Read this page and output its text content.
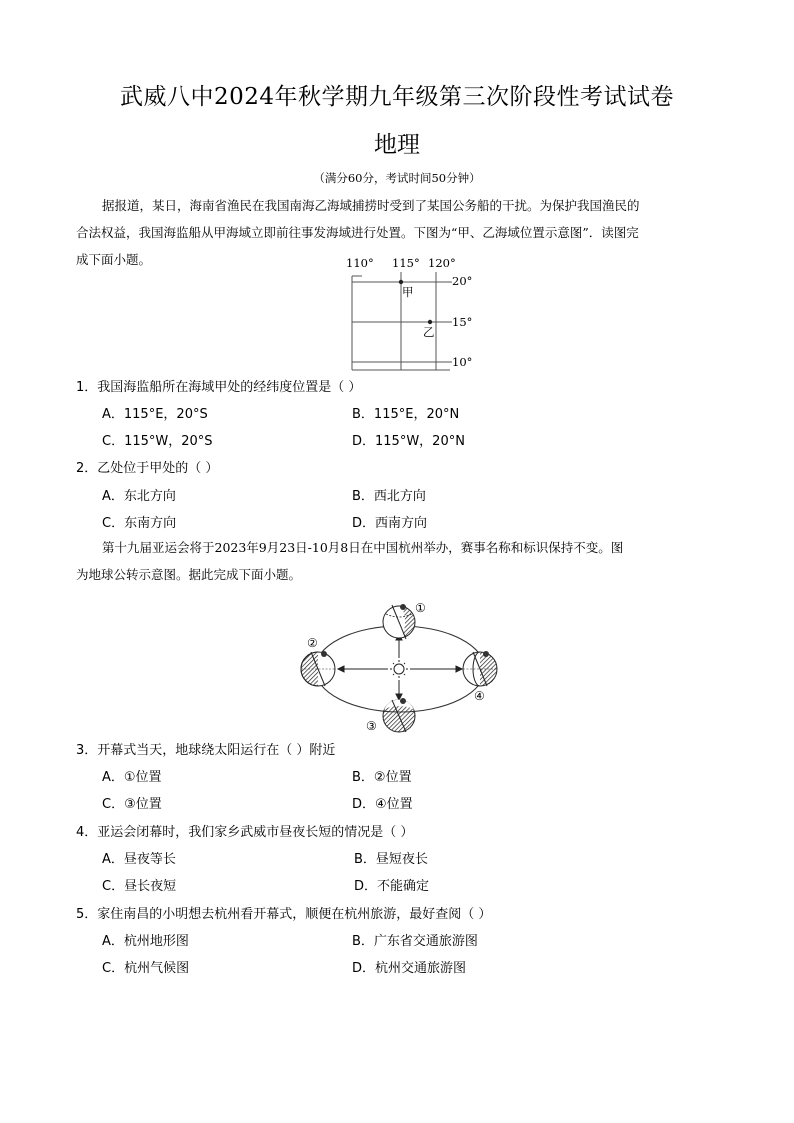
武威八中2024年秋学期九年级第三次阶段性考试试卷
地理
（满分60分，考试时间50分钟）
据报道，某日，海南省渔民在我国南海乙海域捕捞时受到了某国公务船的干扰。为保护我国渔民的
合法权益，我国海监船从甲海域立即前往事发海域进行处置。下图为“甲、乙海域位置示意图”．读图完
成下面小题。	110° 115° 120°
20°
15°
10°
甲
乙
1．我国海监船所在海域甲处的经纬度位置是（ ）
A．115°E，20°S	B．115°E，20°N
C．115°W，20°S	D．115°W，20°N
2．乙处位于甲处的（ ）
A．东北方向	B．西北方向
C．东南方向	D．西南方向
第十九届亚运会将于2023年9月23日-10月8日在中国杭州举办，赛事名称和标识保持不变。图
为地球公转示意图。据此完成下面小题。
①
②
③
④
3．开幕式当天，地球绕太阳运行在（ ）附近
A．①位置	B．②位置
C．③位置	D．④位置
4．亚运会闭幕时，我们家乡武威市昼夜长短的情况是（ ）
A．昼夜等长	B．昼短夜长
C．昼长夜短	D．不能确定
5．家住南昌的小明想去杭州看开幕式，顺便在杭州旅游，最好查阅（ ）
A．杭州地形图	B．广东省交通旅游图
C．杭州气候图	D．杭州交通旅游图
